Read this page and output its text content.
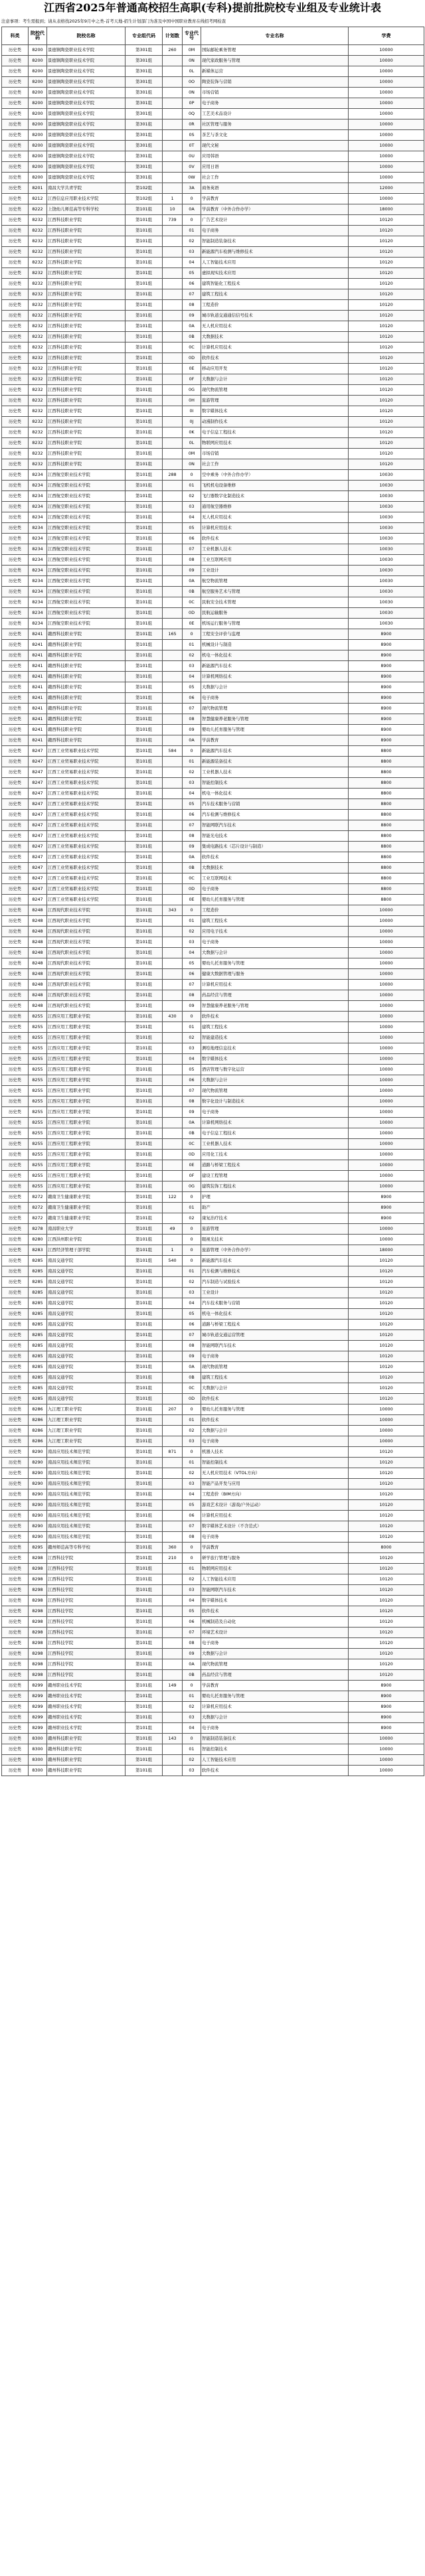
江西省2025年普通高校招生高职(专科)提前批院校专业组及专业统计表
注意事项：考生需报到；请从表格找2025年9月中之类-首考天地-招生计划部门为准及中国中国职业教育在线招考网检查
科类	院校代码	院校名称	专业组代码	计划数	专业代号	专业名称	学费
历史类	8200	景德镇陶瓷职业技术学院	第301组	260	0M	国际邮轮乘务管理	10000
历史类	8200	景德镇陶瓷职业技术学院	第301组		0N	现代家政服务与管理	10000
历史类	8200	景德镇陶瓷职业技术学院	第301组		0L	新媒体运营	10000
历史类	8200	景德镇陶瓷职业技术学院	第301组		0O	陶瓷装饰与营销	10000
历史类	8200	景德镇陶瓷职业技术学院	第301组		0N	市场营销	10000
历史类	8200	景德镇陶瓷职业技术学院	第301组		0P	电子商务	10000
历史类	8200	景德镇陶瓷职业技术学院	第301组		0Q	工艺美术品设计	10000
历史类	8200	景德镇陶瓷职业技术学院	第301组		0R	社区管理与服务	10000
历史类	8200	景德镇陶瓷职业技术学院	第301组		0S	茶艺与茶文化	10000
历史类	8200	景德镇陶瓷职业技术学院	第301组		0T	现代文秘	10000
历史类	8200	景德镇陶瓷职业技术学院	第301组		0U	应用韩语	10000
历史类	8200	景德镇陶瓷职业技术学院	第301组		0V	应用日语	10000
历史类	8200	景德镇陶瓷职业技术学院	第301组		0W	社会工作	10000
历史类	8201	南昌大学共青学院	第102组		3A	商务英语	12000
历史类	8212	江西信息应用职业技术学院	第102组	1	0	学前教育	10000
历史类	8222	上饶幼儿师范高等专科学校	第101组	10	0A	学前教育（中外合作办学）	18000
历史类	8232	江西科技职业学院	第101组	739	0	广告艺术设计	10120
历史类	8232	江西科技职业学院	第101组		01	电子商务	10120
历史类	8232	江西科技职业学院	第101组		02	智能制造装备技术	10120
历史类	8232	江西科技职业学院	第101组		03	新能源汽车检测与维修技术	10120
历史类	8232	江西科技职业学院	第101组		04	人工智能技术应用	10120
历史类	8232	江西科技职业学院	第101组		05	虚拟现实技术应用	10120
历史类	8232	江西科技职业学院	第101组		06	建筑智能化工程技术	10120
历史类	8232	江西科技职业学院	第101组		07	建筑工程技术	10120
历史类	8232	江西科技职业学院	第101组		08	工程造价	10120
历史类	8232	江西科技职业学院	第101组		09	城市轨道交通通信信号技术	10120
历史类	8232	江西科技职业学院	第101组		0A	无人机应用技术	10120
历史类	8232	江西科技职业学院	第101组		0B	大数据技术	10120
历史类	8232	江西科技职业学院	第101组		0C	计算机应用技术	10120
历史类	8232	江西科技职业学院	第101组		0D	软件技术	10120
历史类	8232	江西科技职业学院	第101组		0E	移动应用开发	10120
历史类	8232	江西科技职业学院	第101组		0F	大数据与会计	10120
历史类	8232	江西科技职业学院	第101组		0G	现代物流管理	10120
历史类	8232	江西科技职业学院	第101组		0H	旅游管理	10120
历史类	8232	江西科技职业学院	第101组		0I	数字媒体技术	10120
历史类	8232	江西科技职业学院	第101组		0J	动漫制作技术	10120
历史类	8232	江西科技职业学院	第101组		0K	电子信息工程技术	10120
历史类	8232	江西科技职业学院	第101组		0L	物联网应用技术	10120
历史类	8232	江西科技职业学院	第101组		0M	市场营销	10120
历史类	8232	江西科技职业学院	第101组		0N	社会工作	10120
历史类	8234	江西航空职业技术学院	第101组	288	0	空中乘务（中外合作办学）	10030
历史类	8234	江西航空职业技术学院	第101组		01	飞机机电设备维修	10030
历史类	8234	江西航空职业技术学院	第101组		02	飞行器数字化制造技术	10030
历史类	8234	江西航空职业技术学院	第101组		03	通用航空器维修	10030
历史类	8234	江西航空职业技术学院	第101组		04	无人机应用技术	10030
历史类	8234	江西航空职业技术学院	第101组		05	计算机应用技术	10030
历史类	8234	江西航空职业技术学院	第101组		06	软件技术	10030
历史类	8234	江西航空职业技术学院	第101组		07	工业机器人技术	10030
历史类	8234	江西航空职业技术学院	第101组		08	工业互联网应用	10030
历史类	8234	江西航空职业技术学院	第101组		09	工业设计	10030
历史类	8234	江西航空职业技术学院	第101组		0A	航空物流管理	10030
历史类	8234	江西航空职业技术学院	第101组		0B	航空服务艺术与管理	10030
历史类	8234	江西航空职业技术学院	第101组		0C	民航安全技术管理	10030
历史类	8234	江西航空职业技术学院	第101组		0D	民航运输服务	10030
历史类	8234	江西航空职业技术学院	第101组		0E	机场运行服务与管理	10030
历史类	8241	赣西科技职业学院	第101组	165	0	工程安全评价与监理	8900
历史类	8241	赣西科技职业学院	第101组		01	机械设计与制造	8900
历史类	8241	赣西科技职业学院	第101组		02	机电一体化技术	8900
历史类	8241	赣西科技职业学院	第101组		03	新能源汽车技术	8900
历史类	8241	赣西科技职业学院	第101组		04	计算机网络技术	8900
历史类	8241	赣西科技职业学院	第101组		05	大数据与会计	8900
历史类	8241	赣西科技职业学院	第101组		06	电子商务	8900
历史类	8241	赣西科技职业学院	第101组		07	现代物流管理	8900
历史类	8241	赣西科技职业学院	第101组		08	智慧健康养老服务与管理	8900
历史类	8241	赣西科技职业学院	第101组		09	婴幼儿托育服务与管理	8900
历史类	8241	赣西科技职业学院	第101组		0A	学前教育	8900
历史类	8247	江西工业贸易职业技术学院	第101组	584	0	新能源汽车技术	8800
历史类	8247	江西工业贸易职业技术学院	第101组		01	新能源装备技术	8800
历史类	8247	江西工业贸易职业技术学院	第101组		02	工业机器人技术	8800
历史类	8247	江西工业贸易职业技术学院	第101组		03	智能控制技术	8800
历史类	8247	江西工业贸易职业技术学院	第101组		04	机电一体化技术	8800
历史类	8247	江西工业贸易职业技术学院	第101组		05	汽车技术服务与营销	8800
历史类	8247	江西工业贸易职业技术学院	第101组		06	汽车检测与维修技术	8800
历史类	8247	江西工业贸易职业技术学院	第101组		07	智能网联汽车技术	8800
历史类	8247	江西工业贸易职业技术学院	第101组		08	智能光电技术	8800
历史类	8247	江西工业贸易职业技术学院	第101组		09	集成电路技术（芯片设计与制造）	8800
历史类	8247	江西工业贸易职业技术学院	第101组		0A	软件技术	8800
历史类	8247	江西工业贸易职业技术学院	第101组		0B	大数据技术	8800
历史类	8247	江西工业贸易职业技术学院	第101组		0C	工业互联网技术	8800
历史类	8247	江西工业贸易职业技术学院	第101组		0D	电子商务	8800
历史类	8247	江西工业贸易职业技术学院	第101组		0E	婴幼儿托育服务与管理	8800
历史类	8248	江西现代职业技术学院	第101组	343	0	工程造价	10000
历史类	8248	江西现代职业技术学院	第101组		01	建筑工程技术	10000
历史类	8248	江西现代职业技术学院	第101组		02	应用电子技术	10000
历史类	8248	江西现代职业技术学院	第101组		03	电子商务	10000
历史类	8248	江西现代职业技术学院	第101组		04	大数据与会计	10000
历史类	8248	江西现代职业技术学院	第101组		05	婴幼儿托育服务与管理	10000
历史类	8248	江西现代职业技术学院	第101组		06	健康大数据管理与服务	10000
历史类	8248	江西现代职业技术学院	第101组		07	计算机应用技术	10000
历史类	8248	江西现代职业技术学院	第101组		08	药品经营与管理	10000
历史类	8248	江西现代职业技术学院	第101组		09	智慧健康养老服务与管理	10000
历史类	8255	江西应用工程职业学院	第101组	430	0	软件技术	10000
历史类	8255	江西应用工程职业学院	第101组		01	建筑工程技术	10000
历史类	8255	江西应用工程职业学院	第101组		02	智能建造技术	10000
历史类	8255	江西应用工程职业学院	第101组		03	测绘地理信息技术	10000
历史类	8255	江西应用工程职业学院	第101组		04	数字媒体技术	10000
历史类	8255	江西应用工程职业学院	第101组		05	酒店管理与数字化运营	10000
历史类	8255	江西应用工程职业学院	第101组		06	大数据与会计	10000
历史类	8255	江西应用工程职业学院	第101组		07	现代物流管理	10000
历史类	8255	江西应用工程职业学院	第101组		08	数字化设计与制造技术	10000
历史类	8255	江西应用工程职业学院	第101组		09	电子商务	10000
历史类	8255	江西应用工程职业学院	第101组		0A	计算机网络技术	10000
历史类	8255	江西应用工程职业学院	第101组		0B	电子信息工程技术	10000
历史类	8255	江西应用工程职业学院	第101组		0C	工业机器人技术	10000
历史类	8255	江西应用工程职业学院	第101组		0D	应用化工技术	10000
历史类	8255	江西应用工程职业学院	第101组		0E	道路与桥梁工程技术	10000
历史类	8255	江西应用工程职业学院	第101组		0F	建设工程管理	10000
历史类	8255	江西应用工程职业学院	第101组		0G	建筑装饰工程技术	10000
历史类	8272	赣南卫生健康职业学院	第101组	122	0	护理	8900
历史类	8272	赣南卫生健康职业学院	第101组		01	助产	8900
历史类	8272	赣南卫生健康职业学院	第101组		02	康复治疗技术	8900
历史类	8278	南昌职业大学	第101组	49	0	旅游管理	10000
历史类	8280	江西洪州职业学院	第101组		0	眼视光技术	10000
历史类	8283	江西经济管理干部学院	第101组	1	0	旅游管理（中外合作办学）	18000
历史类	8285	南昌交通学院	第101组	540	0	新能源汽车技术	10120
历史类	8285	南昌交通学院	第101组		01	汽车检测与维修技术	10120
历史类	8285	南昌交通学院	第101组		02	汽车制造与试验技术	10120
历史类	8285	南昌交通学院	第101组		03	工业设计	10120
历史类	8285	南昌交通学院	第101组		04	汽车技术服务与营销	10120
历史类	8285	南昌交通学院	第101组		05	机电一体化技术	10120
历史类	8285	南昌交通学院	第101组		06	道路与桥梁工程技术	10120
历史类	8285	南昌交通学院	第101组		07	城市轨道交通运营管理	10120
历史类	8285	南昌交通学院	第101组		08	智能网联汽车技术	10120
历史类	8285	南昌交通学院	第101组		09	电子商务	10120
历史类	8285	南昌交通学院	第101组		0A	现代物流管理	10120
历史类	8285	南昌交通学院	第101组		0B	建筑工程技术	10120
历史类	8285	南昌交通学院	第101组		0C	大数据与会计	10120
历史类	8285	南昌交通学院	第101组		0D	软件技术	10120
历史类	8286	九江理工职业学院	第101组	207	0	婴幼儿托育服务与管理	10000
历史类	8286	九江理工职业学院	第101组		01	软件技术	10000
历史类	8286	九江理工职业学院	第101组		02	大数据与会计	10000
历史类	8286	九江理工职业学院	第101组		03	电子商务	10000
历史类	8290	南昌应用技术师范学院	第101组	871	0	机器人技术	10120
历史类	8290	南昌应用技术师范学院	第101组		01	智能控制技术	10120
历史类	8290	南昌应用技术师范学院	第101组		02	无人机应用技术（VTOL方向）	10120
历史类	8290	南昌应用技术师范学院	第101组		03	智能产品开发与应用	10120
历史类	8290	南昌应用技术师范学院	第101组		04	工程造价（BIM方向）	10120
历史类	8290	南昌应用技术师范学院	第101组		05	游戏艺术设计（游戏/户外运动）	10120
历史类	8290	南昌应用技术师范学院	第101组		06	计算机应用技术	10120
历史类	8290	南昌应用技术师范学院	第101组		07	数字媒体艺术设计（不含范式）	10120
历史类	8290	南昌应用技术师范学院	第101组		08	电子商务	10120
历史类	8295	赣州师范高等专科学校	第101组	360	0	学前教育	8000
历史类	8298	江西科技学院	第101组	210	0	研学旅行管理与服务	10120
历史类	8298	江西科技学院	第101组		01	物联网应用技术	10120
历史类	8298	江西科技学院	第101组		02	人工智能技术应用	10120
历史类	8298	江西科技学院	第101组		03	智能网联汽车技术	10120
历史类	8298	江西科技学院	第101组		04	数字媒体技术	10120
历史类	8298	江西科技学院	第101组		05	软件技术	10120
历史类	8298	江西科技学院	第101组		06	机械制造及自动化	10120
历史类	8298	江西科技学院	第101组		07	环境艺术设计	10120
历史类	8298	江西科技学院	第101组		08	电子商务	10120
历史类	8298	江西科技学院	第101组		09	大数据与会计	10120
历史类	8298	江西科技学院	第101组		0A	现代物流管理	10120
历史类	8298	江西科技学院	第101组		0B	药品经营与管理	10120
历史类	8299	赣州职业技术学院	第101组	149	0	学前教育	8900
历史类	8299	赣州职业技术学院	第101组		01	婴幼儿托育服务与管理	8900
历史类	8299	赣州职业技术学院	第101组		02	计算机应用技术	8900
历史类	8299	赣州职业技术学院	第101组		03	大数据与会计	8900
历史类	8299	赣州职业技术学院	第101组		04	电子商务	8900
历史类	8300	赣州科技职业学院	第101组	143	0	智能制造装备技术	10000
历史类	8300	赣州科技职业学院	第101组		01	智能控制技术	10000
历史类	8300	赣州科技职业学院	第101组		02	人工智能技术应用	10000
历史类	8300	赣州科技职业学院	第101组		03	软件技术	10000
